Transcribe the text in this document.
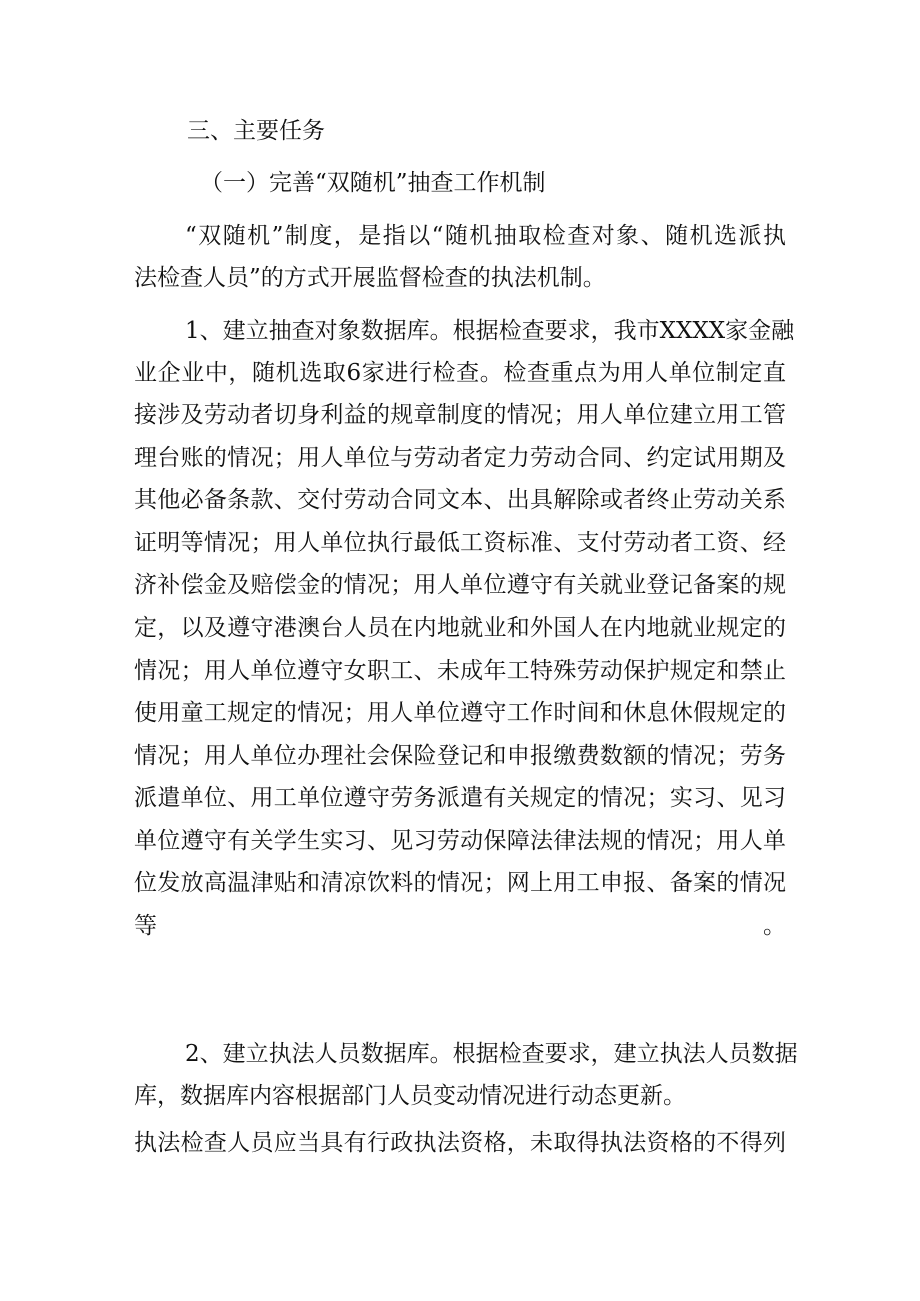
三、主要任务
（一）完善“双随机”抽查工作机制
“双随机”制度，是指以“随机抽取检查对象、随机选派执
法检查人员”的方式开展监督检查的执法机制。
1、建立抽查对象数据库。根据检查要求，我市XXXX家金融
业企业中，随机选取6家进行检查。检查重点为用人单位制定直
接涉及劳动者切身利益的规章制度的情况；用人单位建立用工管
理台账的情况；用人单位与劳动者定力劳动合同、约定试用期及
其他必备条款、交付劳动合同文本、出具解除或者终止劳动关系
证明等情况；用人单位执行最低工资标准、支付劳动者工资、经
济补偿金及赔偿金的情况；用人单位遵守有关就业登记备案的规
定，以及遵守港澳台人员在内地就业和外国人在内地就业规定的
情况；用人单位遵守女职工、未成年工特殊劳动保护规定和禁止
使用童工规定的情况；用人单位遵守工作时间和休息休假规定的
情况；用人单位办理社会保险登记和申报缴费数额的情况；劳务
派遣单位、用工单位遵守劳务派遣有关规定的情况；实习、见习
单位遵守有关学生实习、见习劳动保障法律法规的情况；用人单
位发放高温津贴和清凉饮料的情况；网上用工申报、备案的情况
等。
2、建立执法人员数据库。根据检查要求，建立执法人员数据
库，数据库内容根据部门人员变动情况进行动态更新。
执法检查人员应当具有行政执法资格，未取得执法资格的不得列
